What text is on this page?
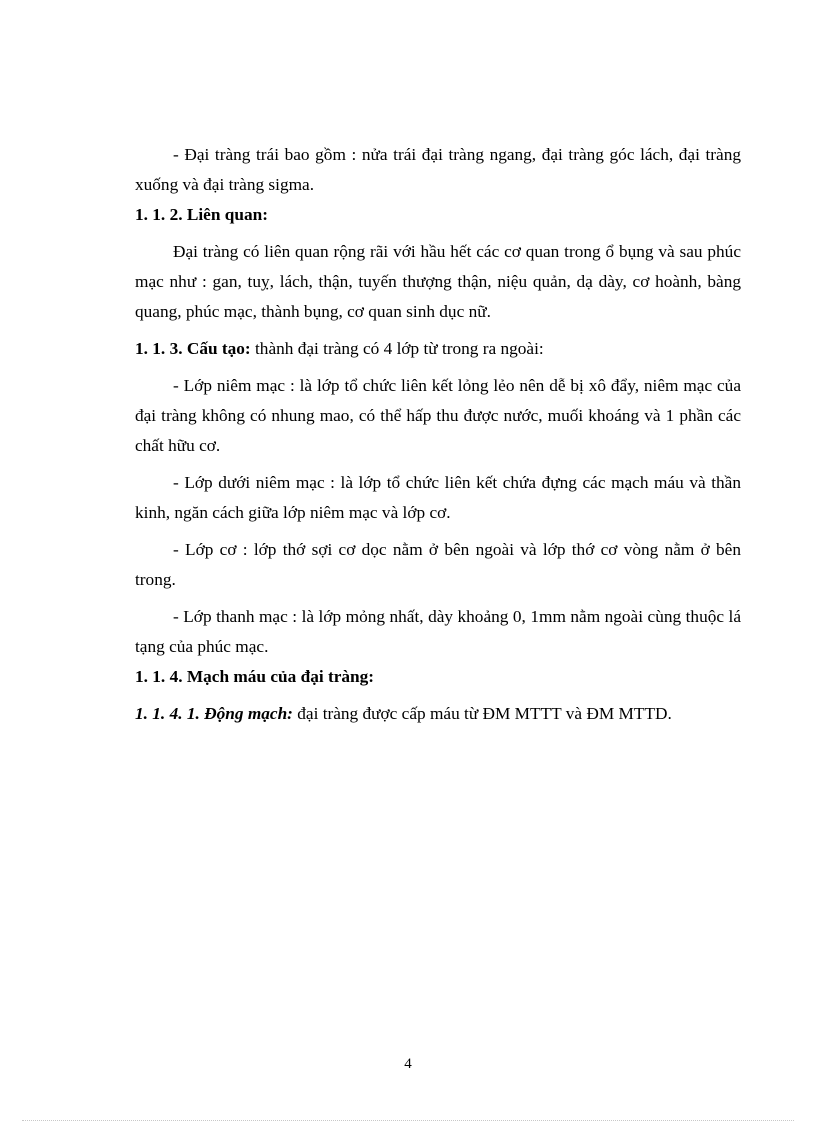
- Đại tràng trái bao gồm : nửa trái đại tràng ngang, đại tràng góc lách, đại tràng xuống và đại tràng sigma.

1. 1. 2. Liên quan:

Đại tràng có liên quan rộng rãi với hầu hết các cơ quan trong ổ bụng và sau phúc mạc như : gan, tuỵ, lách, thận, tuyến thượng thận, niệu quản, dạ dày, cơ hoành, bàng quang, phúc mạc, thành bụng, cơ quan sinh dục nữ.

1. 1. 3. Cấu tạo: thành đại tràng có 4 lớp từ trong ra ngoài:

- Lớp niêm mạc : là lớp tổ chức liên kết lỏng lẻo nên dễ bị xô đẩy, niêm mạc của đại tràng không có nhung mao, có thể hấp thu được nước, muối khoáng và 1 phần các chất hữu cơ.

- Lớp dưới niêm mạc : là lớp tổ chức liên kết chứa đựng các mạch máu và thần kinh, ngăn cách giữa lớp niêm mạc và lớp cơ.

- Lớp cơ : lớp thớ sợi cơ dọc nằm ở bên ngoài và lớp thớ cơ vòng nằm ở bên trong.

- Lớp thanh mạc : là lớp mỏng nhất, dày khoảng 0, 1mm nằm ngoài cùng thuộc lá tạng của phúc mạc.

1. 1. 4. Mạch máu của đại tràng:

1. 1. 4. 1. Động mạch: đại tràng được cấp máu từ ĐM MTTT và ĐM MTTD.

4
